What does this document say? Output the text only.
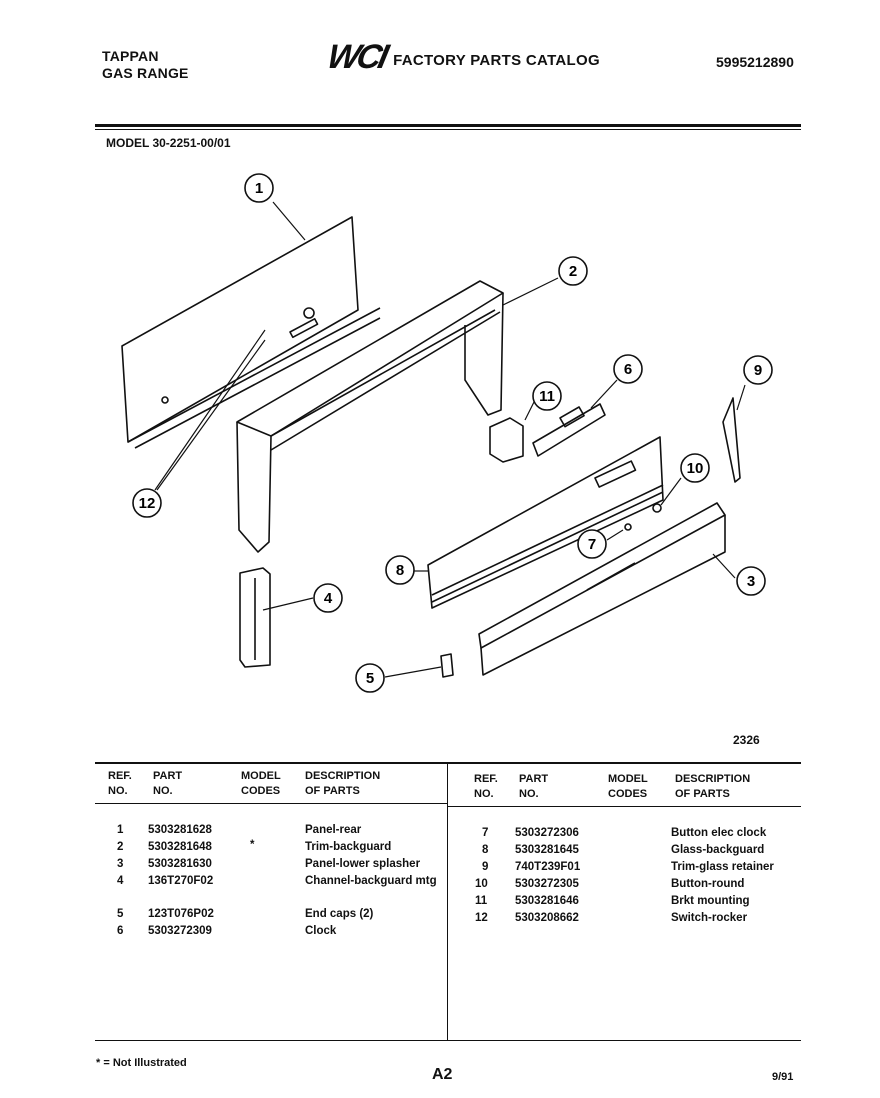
TAPPAN
GAS RANGE	WCI FACTORY PARTS CATALOG	5995212890
MODEL 30-2251-00/01
1
2
3
4
5
6
7
8
9
10
11
12
2326
REF.
NO.
PART
NO.
MODEL
CODES
DESCRIPTION
OF PARTS
REF.
NO.
PART
NO.
MODEL
CODES
DESCRIPTION
OF PARTS
1 5303281628	Panel-rear
2 5303281648	*	Trim-backguard
3 5303281630	Panel-lower splasher
4 136T270F02	Channel-backguard mtg
5 123T076P02	End caps (2)
6 5303272309	Clock
7 5303272306	Button elec clock
8 5303281645	Glass-backguard
9 740T239F01	Trim-glass retainer
10 5303272305	Button-round
11 5303281646	Brkt mounting
12 5303208662	Switch-rocker
* = Not Illustrated
A2	9/91
